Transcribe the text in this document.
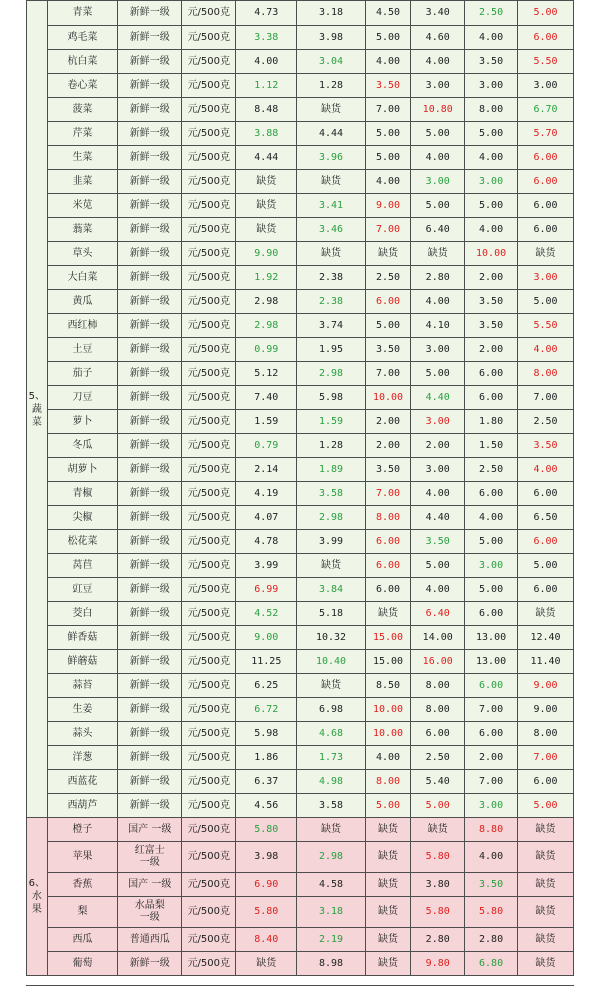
5、
蔬
菜	青菜	新鲜一级	元/500克	4.73	3.18	4.50	3.40	2.50	5.00
	鸡毛菜	新鲜一级	元/500克	3.38	3.98	5.00	4.60	4.00	6.00
	杭白菜	新鲜一级	元/500克	4.00	3.04	4.00	4.00	3.50	5.50
	卷心菜	新鲜一级	元/500克	1.12	1.28	3.50	3.00	3.00	3.00
	菠菜	新鲜一级	元/500克	8.48	缺货	7.00	10.80	8.00	6.70
	芹菜	新鲜一级	元/500克	3.88	4.44	5.00	5.00	5.00	5.70
	生菜	新鲜一级	元/500克	4.44	3.96	5.00	4.00	4.00	6.00
	韭菜	新鲜一级	元/500克	缺货	缺货	4.00	3.00	3.00	6.00
	米苋	新鲜一级	元/500克	缺货	3.41	9.00	5.00	5.00	6.00
	蓊菜	新鲜一级	元/500克	缺货	3.46	7.00	6.40	4.00	6.00
	草头	新鲜一级	元/500克	9.90	缺货	缺货	缺货	10.00	缺货
	大白菜	新鲜一级	元/500克	1.92	2.38	2.50	2.80	2.00	3.00
	黄瓜	新鲜一级	元/500克	2.98	2.38	6.00	4.00	3.50	5.00
	西红柿	新鲜一级	元/500克	2.98	3.74	5.00	4.10	3.50	5.50
	土豆	新鲜一级	元/500克	0.99	1.95	3.50	3.00	2.00	4.00
	茄子	新鲜一级	元/500克	5.12	2.98	7.00	5.00	6.00	8.00
	刀豆	新鲜一级	元/500克	7.40	5.98	10.00	4.40	6.00	7.00
	萝卜	新鲜一级	元/500克	1.59	1.59	2.00	3.00	1.80	2.50
	冬瓜	新鲜一级	元/500克	0.79	1.28	2.00	2.00	1.50	3.50
	胡萝卜	新鲜一级	元/500克	2.14	1.89	3.50	3.00	2.50	4.00
	青椒	新鲜一级	元/500克	4.19	3.58	7.00	4.00	6.00	6.00
	尖椒	新鲜一级	元/500克	4.07	2.98	8.00	4.40	4.00	6.50
	松花菜	新鲜一级	元/500克	4.78	3.99	6.00	3.50	5.00	6.00
	莴苣	新鲜一级	元/500克	3.99	缺货	6.00	5.00	3.00	5.00
	豇豆	新鲜一级	元/500克	6.99	3.84	6.00	4.00	5.00	6.00
	茭白	新鲜一级	元/500克	4.52	5.18	缺货	6.40	6.00	缺货
	鲜香菇	新鲜一级	元/500克	9.00	10.32	15.00	14.00	13.00	12.40
	鲜蘑菇	新鲜一级	元/500克	11.25	10.40	15.00	16.00	13.00	11.40
	蒜苔	新鲜一级	元/500克	6.25	缺货	8.50	8.00	6.00	9.00
	生姜	新鲜一级	元/500克	6.72	6.98	10.00	8.00	7.00	9.00
	蒜头	新鲜一级	元/500克	5.98	4.68	10.00	6.00	6.00	8.00
	洋葱	新鲜一级	元/500克	1.86	1.73	4.00	2.50	2.00	7.00
	西蓝花	新鲜一级	元/500克	6.37	4.98	8.00	5.40	7.00	6.00
	西葫芦	新鲜一级	元/500克	4.56	3.58	5.00	5.00	3.00	5.00
6、
水
果	橙子	国产 一级	元/500克	5.80	缺货	缺货	缺货	8.80	缺货
	苹果	红富士
一级	元/500克	3.98	2.98	缺货	5.80	4.00	缺货
	香蕉	国产 一级	元/500克	6.90	4.58	缺货	3.80	3.50	缺货
	梨	水晶梨
一级	元/500克	5.80	3.18	缺货	5.80	5.80	缺货
	西瓜	普通西瓜	元/500克	8.40	2.19	缺货	2.80	2.80	缺货
	葡萄	新鲜一级	元/500克	缺货	8.98	缺货	9.80	6.80	缺货
